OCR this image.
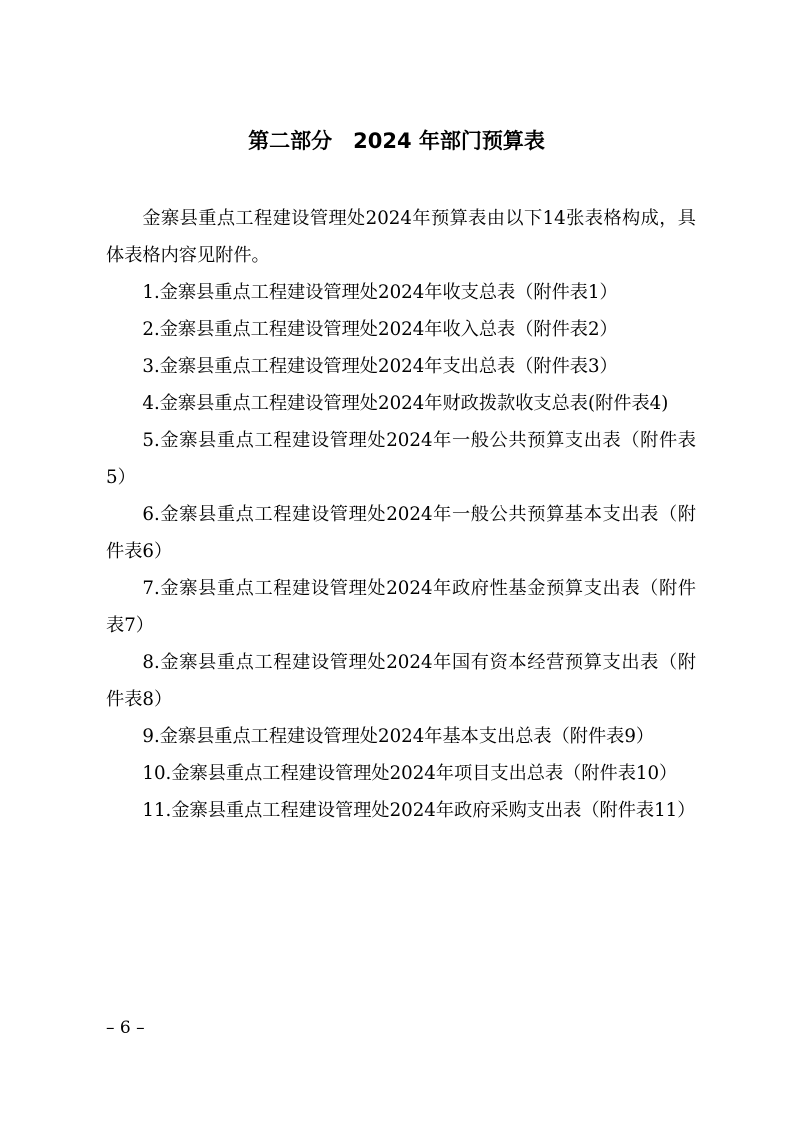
第二部分　2024 年部门预算表

金寨县重点工程建设管理处2024年预算表由以下14张表格构成，具体表格内容见附件。

1.金寨县重点工程建设管理处2024年收支总表（附件表1）

2.金寨县重点工程建设管理处2024年收入总表（附件表2）

3.金寨县重点工程建设管理处2024年支出总表（附件表3）

4.金寨县重点工程建设管理处2024年财政拨款收支总表(附件表4)

5.金寨县重点工程建设管理处2024年一般公共预算支出表（附件表5）

6.金寨县重点工程建设管理处2024年一般公共预算基本支出表（附件表6）

7.金寨县重点工程建设管理处2024年政府性基金预算支出表（附件表7）

8.金寨县重点工程建设管理处2024年国有资本经营预算支出表（附件表8）

9.金寨县重点工程建设管理处2024年基本支出总表（附件表9）

10.金寨县重点工程建设管理处2024年项目支出总表（附件表10）

11.金寨县重点工程建设管理处2024年政府采购支出表（附件表11）

– 6 –
